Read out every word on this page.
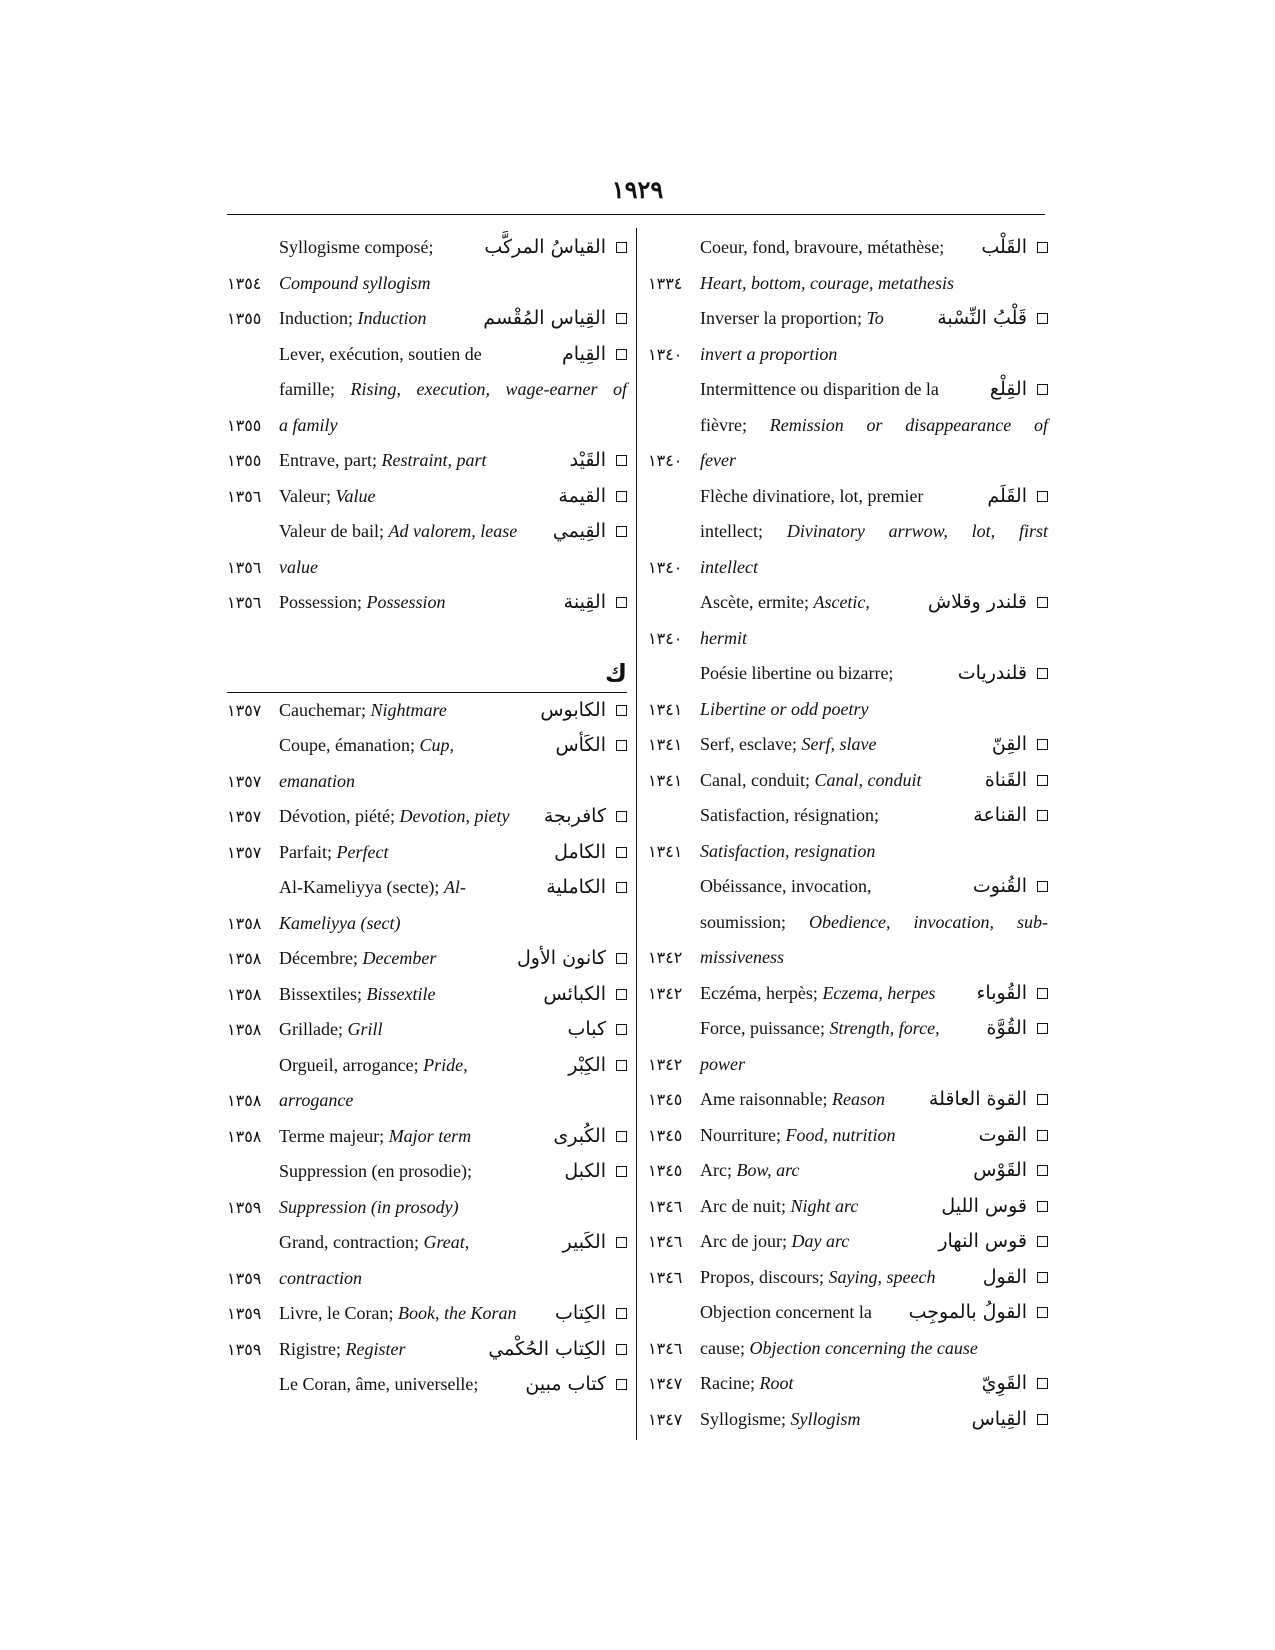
١٩٢٩
Syllogisme composé;	القياسُ المركَّب
١٣٥٤ Compound syllogism
١٣٥٥ Induction; Induction	القِياس المُقْسم
Lever, exécution, soutien de	القِيام
famille; Rising, execution, wage-earner of
١٣٥٥ a family
١٣٥٥ Entrave, part; Restraint, part	القَيْد
١٣٥٦ Valeur; Value	القيمة
Valeur de bail; Ad valorem, lease القِيمي
١٣٥٦ value
١٣٥٦ Possession; Possession	القِينة
ك
١٣٥٧ Cauchemar; Nightmare	الكابوس
Coupe, émanation; Cup,	الكَأس
١٣٥٧ emanation
١٣٥٧ Dévotion, piété; Devotion, piety كافربجة
١٣٥٧ Parfait; Perfect	الكامل
Al-Kameliyya (secte); Al-	الكاملية
١٣٥٨ Kameliyya (sect)
١٣٥٨ Décembre; December	كانون الأول
١٣٥٨ Bissextiles; Bissextile	الكبائس
١٣٥٨ Grillade; Grill	كباب
Orgueil, arrogance; Pride,	الكِبْر
١٣٥٨ arrogance
١٣٥٨ Terme majeur; Major term	الكُبرى
Suppression (en prosodie);	الكبل
١٣٥٩ Suppression (in prosody)
Grand, contraction; Great,	الكَبير
١٣٥٩ contraction
١٣٥٩ Livre, le Coran; Book, the Koran الكِتاب
١٣٥٩ Rigistre; Register	الكِتاب الحُكْمي
Le Coran, âme, universelle; كتاب مبين
Coeur, fond, bravoure, métathèse; القَلْب
١٣٣٤ Heart, bottom, courage, metathesis
Inverser la proportion; To	قَلْبُ النِّسْبة
١٣٤٠ invert a proportion
Intermittence ou disparition de la	القِلْع
fièvre; Remission or disappearance of
١٣٤٠ fever
Flèche divinatiore, lot, premier	القَلَم
intellect; Divinatory arrwow, lot, first
١٣٤٠ intellect
Ascète, ermite; Ascetic,	قلندر وقلاش
١٣٤٠ hermit
Poésie libertine ou bizarre;	قلندريات
١٣٤١ Libertine or odd poetry
١٣٤١ Serf, esclave; Serf, slave	القِنّ
١٣٤١ Canal, conduit; Canal, conduit	القَناة
Satisfaction, résignation;	القناعة
١٣٤١ Satisfaction, resignation
Obéissance, invocation,	القُنوت
soumission; Obedience, invocation, sub-
١٣٤٢ missiveness
١٣٤٢ Eczéma, herpès; Eczema, herpes القُوباء
Force, puissance; Strength, force, القُوَّة
١٣٤٢ power
١٣٤٥ Ame raisonnable; Reason	القوة العاقلة
١٣٤٥ Nourriture; Food, nutrition	القوت
١٣٤٥ Arc; Bow, arc	القَوْس
١٣٤٦ Arc de nuit; Night arc	قوس الليل
١٣٤٦ Arc de jour; Day arc	قوس النهار
١٣٤٦ Propos, discours; Saying, speech القول
Objection concernent la	القولُ بالموجِب
١٣٤٦ cause; Objection concerning the cause
١٣٤٧ Racine; Root	القَوِيّ
١٣٤٧ Syllogisme; Syllogism	القِياس
